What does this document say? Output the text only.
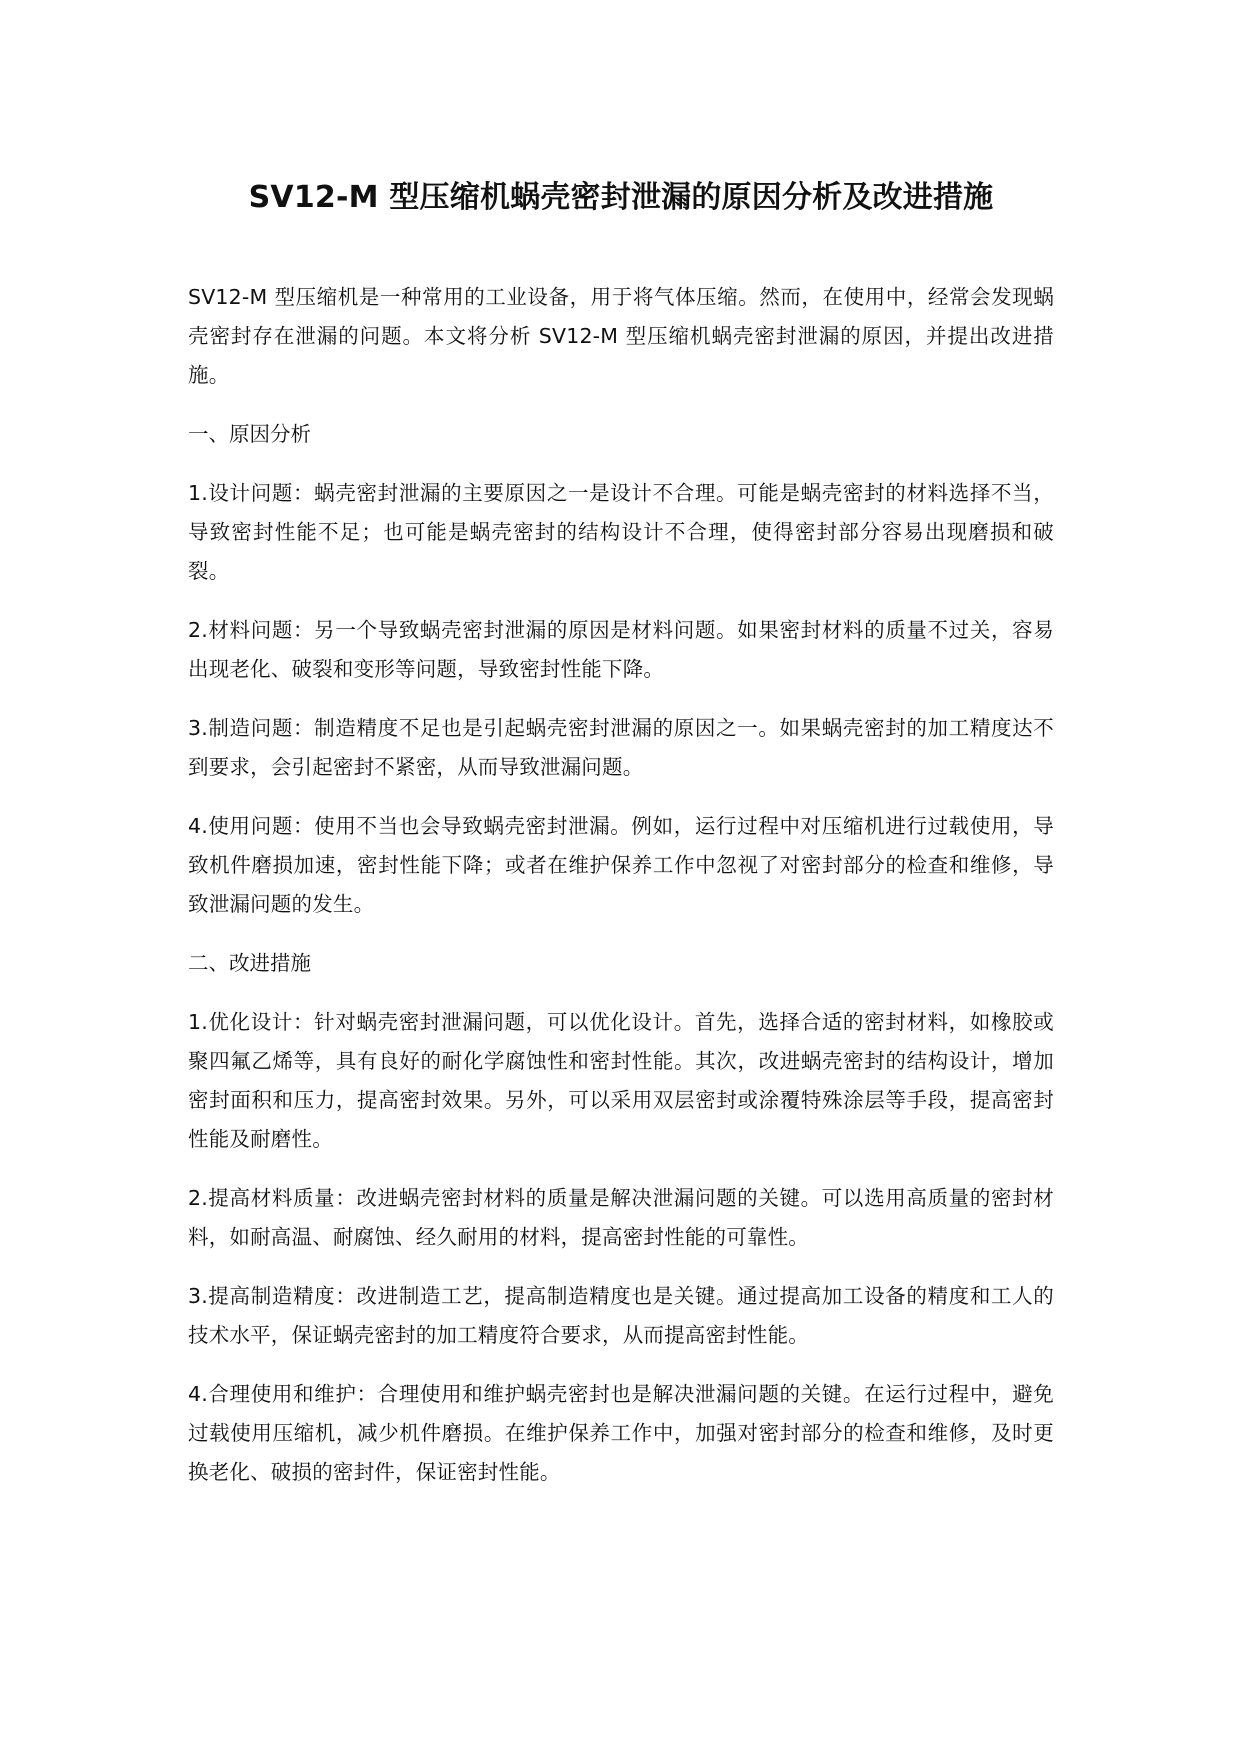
SV12-M 型压缩机蜗壳密封泄漏的原因分析及改进措施

SV12-M 型压缩机是一种常用的工业设备，用于将气体压缩。然而，在使用中，经常会发现蜗壳密封存在泄漏的问题。本文将分析 SV12-M 型压缩机蜗壳密封泄漏的原因，并提出改进措施。

一、原因分析

1.设计问题：蜗壳密封泄漏的主要原因之一是设计不合理。可能是蜗壳密封的材料选择不当，导致密封性能不足；也可能是蜗壳密封的结构设计不合理，使得密封部分容易出现磨损和破裂。

2.材料问题：另一个导致蜗壳密封泄漏的原因是材料问题。如果密封材料的质量不过关，容易出现老化、破裂和变形等问题，导致密封性能下降。

3.制造问题：制造精度不足也是引起蜗壳密封泄漏的原因之一。如果蜗壳密封的加工精度达不到要求，会引起密封不紧密，从而导致泄漏问题。

4.使用问题：使用不当也会导致蜗壳密封泄漏。例如，运行过程中对压缩机进行过载使用，导致机件磨损加速，密封性能下降；或者在维护保养工作中忽视了对密封部分的检查和维修，导致泄漏问题的发生。

二、改进措施

1.优化设计：针对蜗壳密封泄漏问题，可以优化设计。首先，选择合适的密封材料，如橡胶或聚四氟乙烯等，具有良好的耐化学腐蚀性和密封性能。其次，改进蜗壳密封的结构设计，增加密封面积和压力，提高密封效果。另外，可以采用双层密封或涂覆特殊涂层等手段，提高密封性能及耐磨性。

2.提高材料质量：改进蜗壳密封材料的质量是解决泄漏问题的关键。可以选用高质量的密封材料，如耐高温、耐腐蚀、经久耐用的材料，提高密封性能的可靠性。

3.提高制造精度：改进制造工艺，提高制造精度也是关键。通过提高加工设备的精度和工人的技术水平，保证蜗壳密封的加工精度符合要求，从而提高密封性能。

4.合理使用和维护：合理使用和维护蜗壳密封也是解决泄漏问题的关键。在运行过程中，避免过载使用压缩机，减少机件磨损。在维护保养工作中，加强对密封部分的检查和维修，及时更换老化、破损的密封件，保证密封性能。
